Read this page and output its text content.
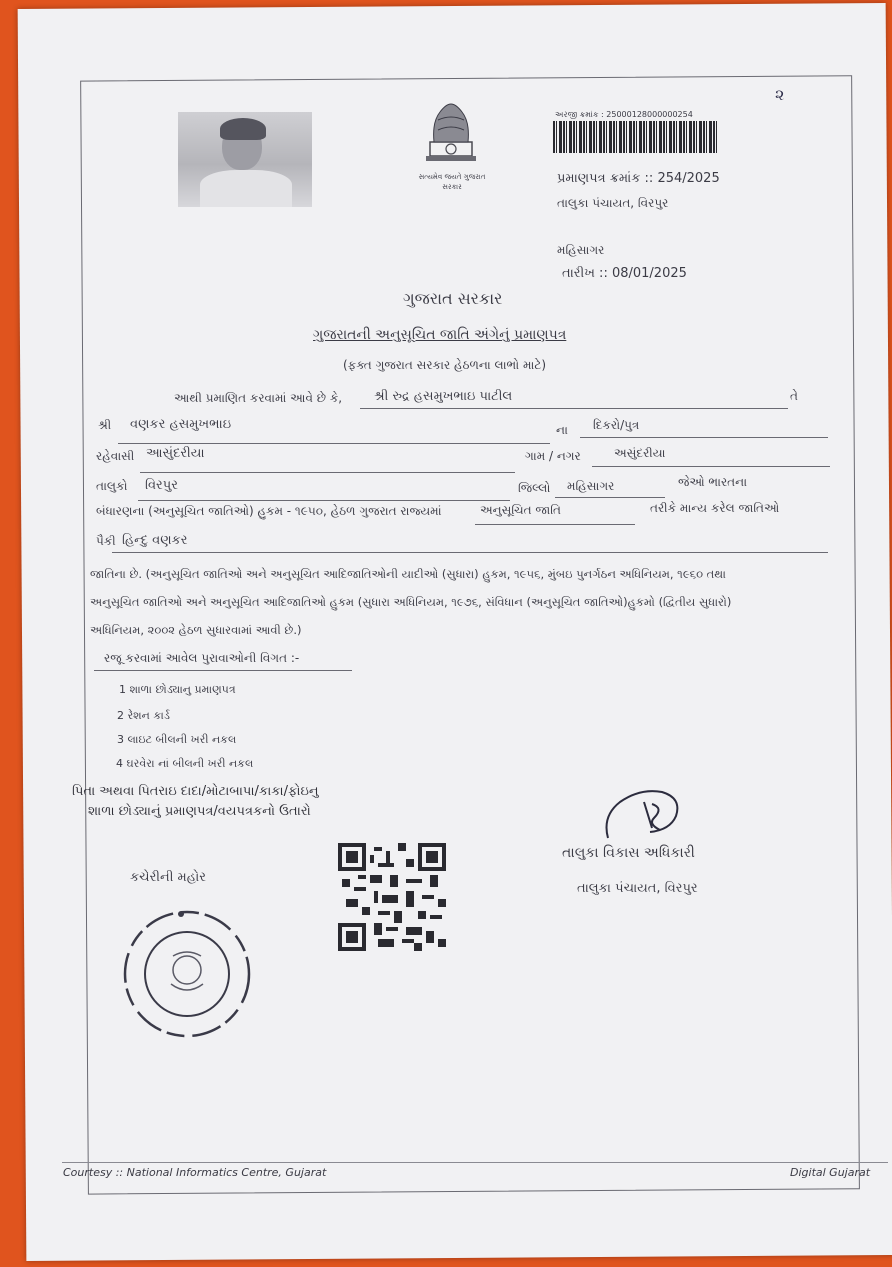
સત્યમેવ જયતે ગુજરાત સરકાર
૨
અરજી ક્રમાંક : 25000128000000254
પ્રમાણપત્ર ક્રમાંક :: 254/2025
તાલુકા પંચાયત, વિરપુર
મહિસાગર
તારીખ :: 08/01/2025
ગુજરાત સરકાર
ગુજરાતની અનુસૂચિત જાતિ અંગેનું પ્રમાણપત્ર
(ફક્ત ગુજરાત સરકાર હેઠળના લાભો માટે)
આથી પ્રમાણિત કરવામાં આવે છે કે, શ્રી રુદ્ર હસમુખભાઇ પાટીલ	તે
શ્રી વણકર હસમુખભાઇ	ના દિકરો/પુત્ર
રહેવાસી આસુંદરીયા	ગામ / નગર	અસુંદરીયા
તાલુકો વિરપુર	જિલ્લો મહિસાગર	જેઓ ભારતના
બંધારણના (અનુસૂચિત જાતિઓ) હુકમ - ૧૯૫૦, હેઠળ ગુજરાત રાજ્યમાં	અનુસૂચિત જાતિ	તરીકે માન્ય કરેલ જાતિઓ
પૈકી હિન્દુ વણકર
જાતિના છે. (અનુસૂચિત જાતિઓ અને અનુસૂચિત આદિજાતિઓની યાદીઓ (સુધારા) હુકમ, ૧૯૫૬, મુંબઇ પુનર્ગઠન અધિનિયમ, ૧૯૬૦ તથા
અનુસૂચિત જાતિઓ અને અનુસૂચિત આદિજાતિઓ હુકમ (સુધારા અધિનિયમ, ૧૯૭૬, સંવિધાન (અનુસૂચિત જાતિઓ)હુકમો (દ્વિતીય સુધારો)
અધિનિયમ, ૨૦૦૨ હેઠળ સુધારવામાં આવી છે.)
રજૂ કરવામાં આવેલ પુરાવાઓની વિગત :-
1 શાળા છોડ્યાનુ પ્રમાણપત્ર
2 રેશન કાર્ડ
3 લાઇટ બીલની ખરી નકલ
4 ઘરવેરા નાં બીલની ખરી નકલ
પિતા અથવા પિતરાઇ દાદા/મોટાબાપા/કાકા/ફોઇનુ
શાળા છોડ્યાનું પ્રમાણપત્ર/વયપત્રકનો ઉતારો
તાલુકા વિકાસ અધિકારી
તાલુકા પંચાયત, વિરપુર
કચેરીની મહોર
Courtesy :: National Informatics Centre, Gujarat	Digital Gujarat
